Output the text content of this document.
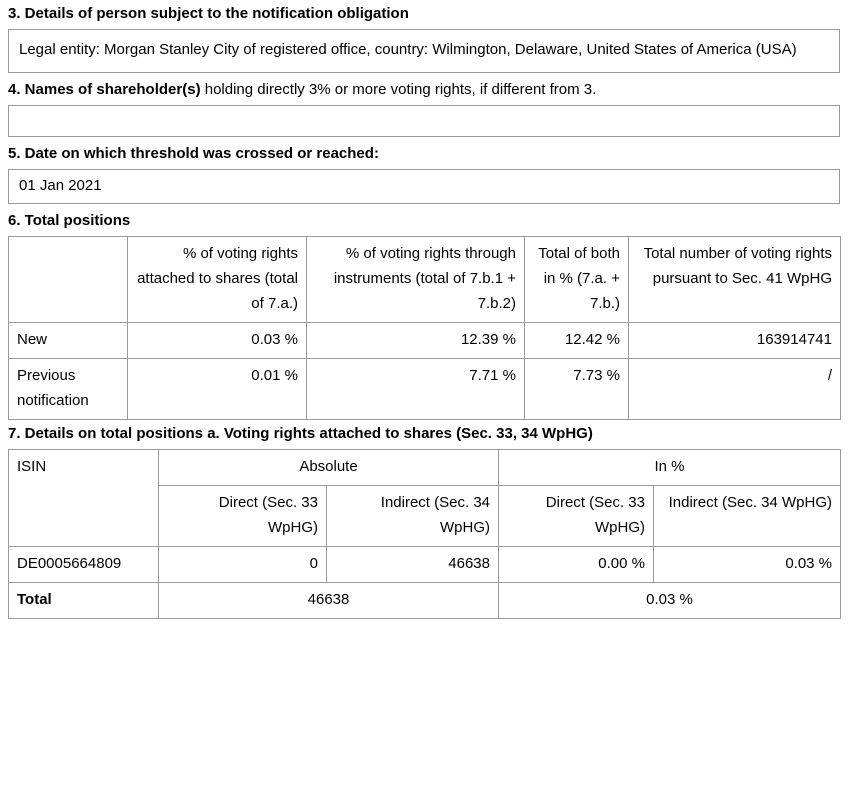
3. Details of person subject to the notification obligation
Legal entity: Morgan Stanley City of registered office, country: Wilmington, Delaware, United States of America (USA)
4. Names of shareholder(s) holding directly 3% or more voting rights, if different from 3.
5. Date on which threshold was crossed or reached:
01 Jan 2021
6. Total positions
	% of voting rights attached to shares (total of 7.a.)	% of voting rights through instruments (total of 7.b.1 + 7.b.2)	Total of both in % (7.a. + 7.b.)	Total number of voting rights pursuant to Sec. 41 WpHG
New	0.03 %	12.39 %	12.42 %	163914741
Previous notification	0.01 %	7.71 %	7.73 %	/
7. Details on total positions a. Voting rights attached to shares (Sec. 33, 34 WpHG)
ISIN	Absolute		In %	
	Direct (Sec. 33 WpHG)	Indirect (Sec. 34 WpHG)	Direct (Sec. 33 WpHG)	Indirect (Sec. 34 WpHG)
DE0005664809	0	46638	0.00 %	0.03 %
Total	46638		0.03 %	
